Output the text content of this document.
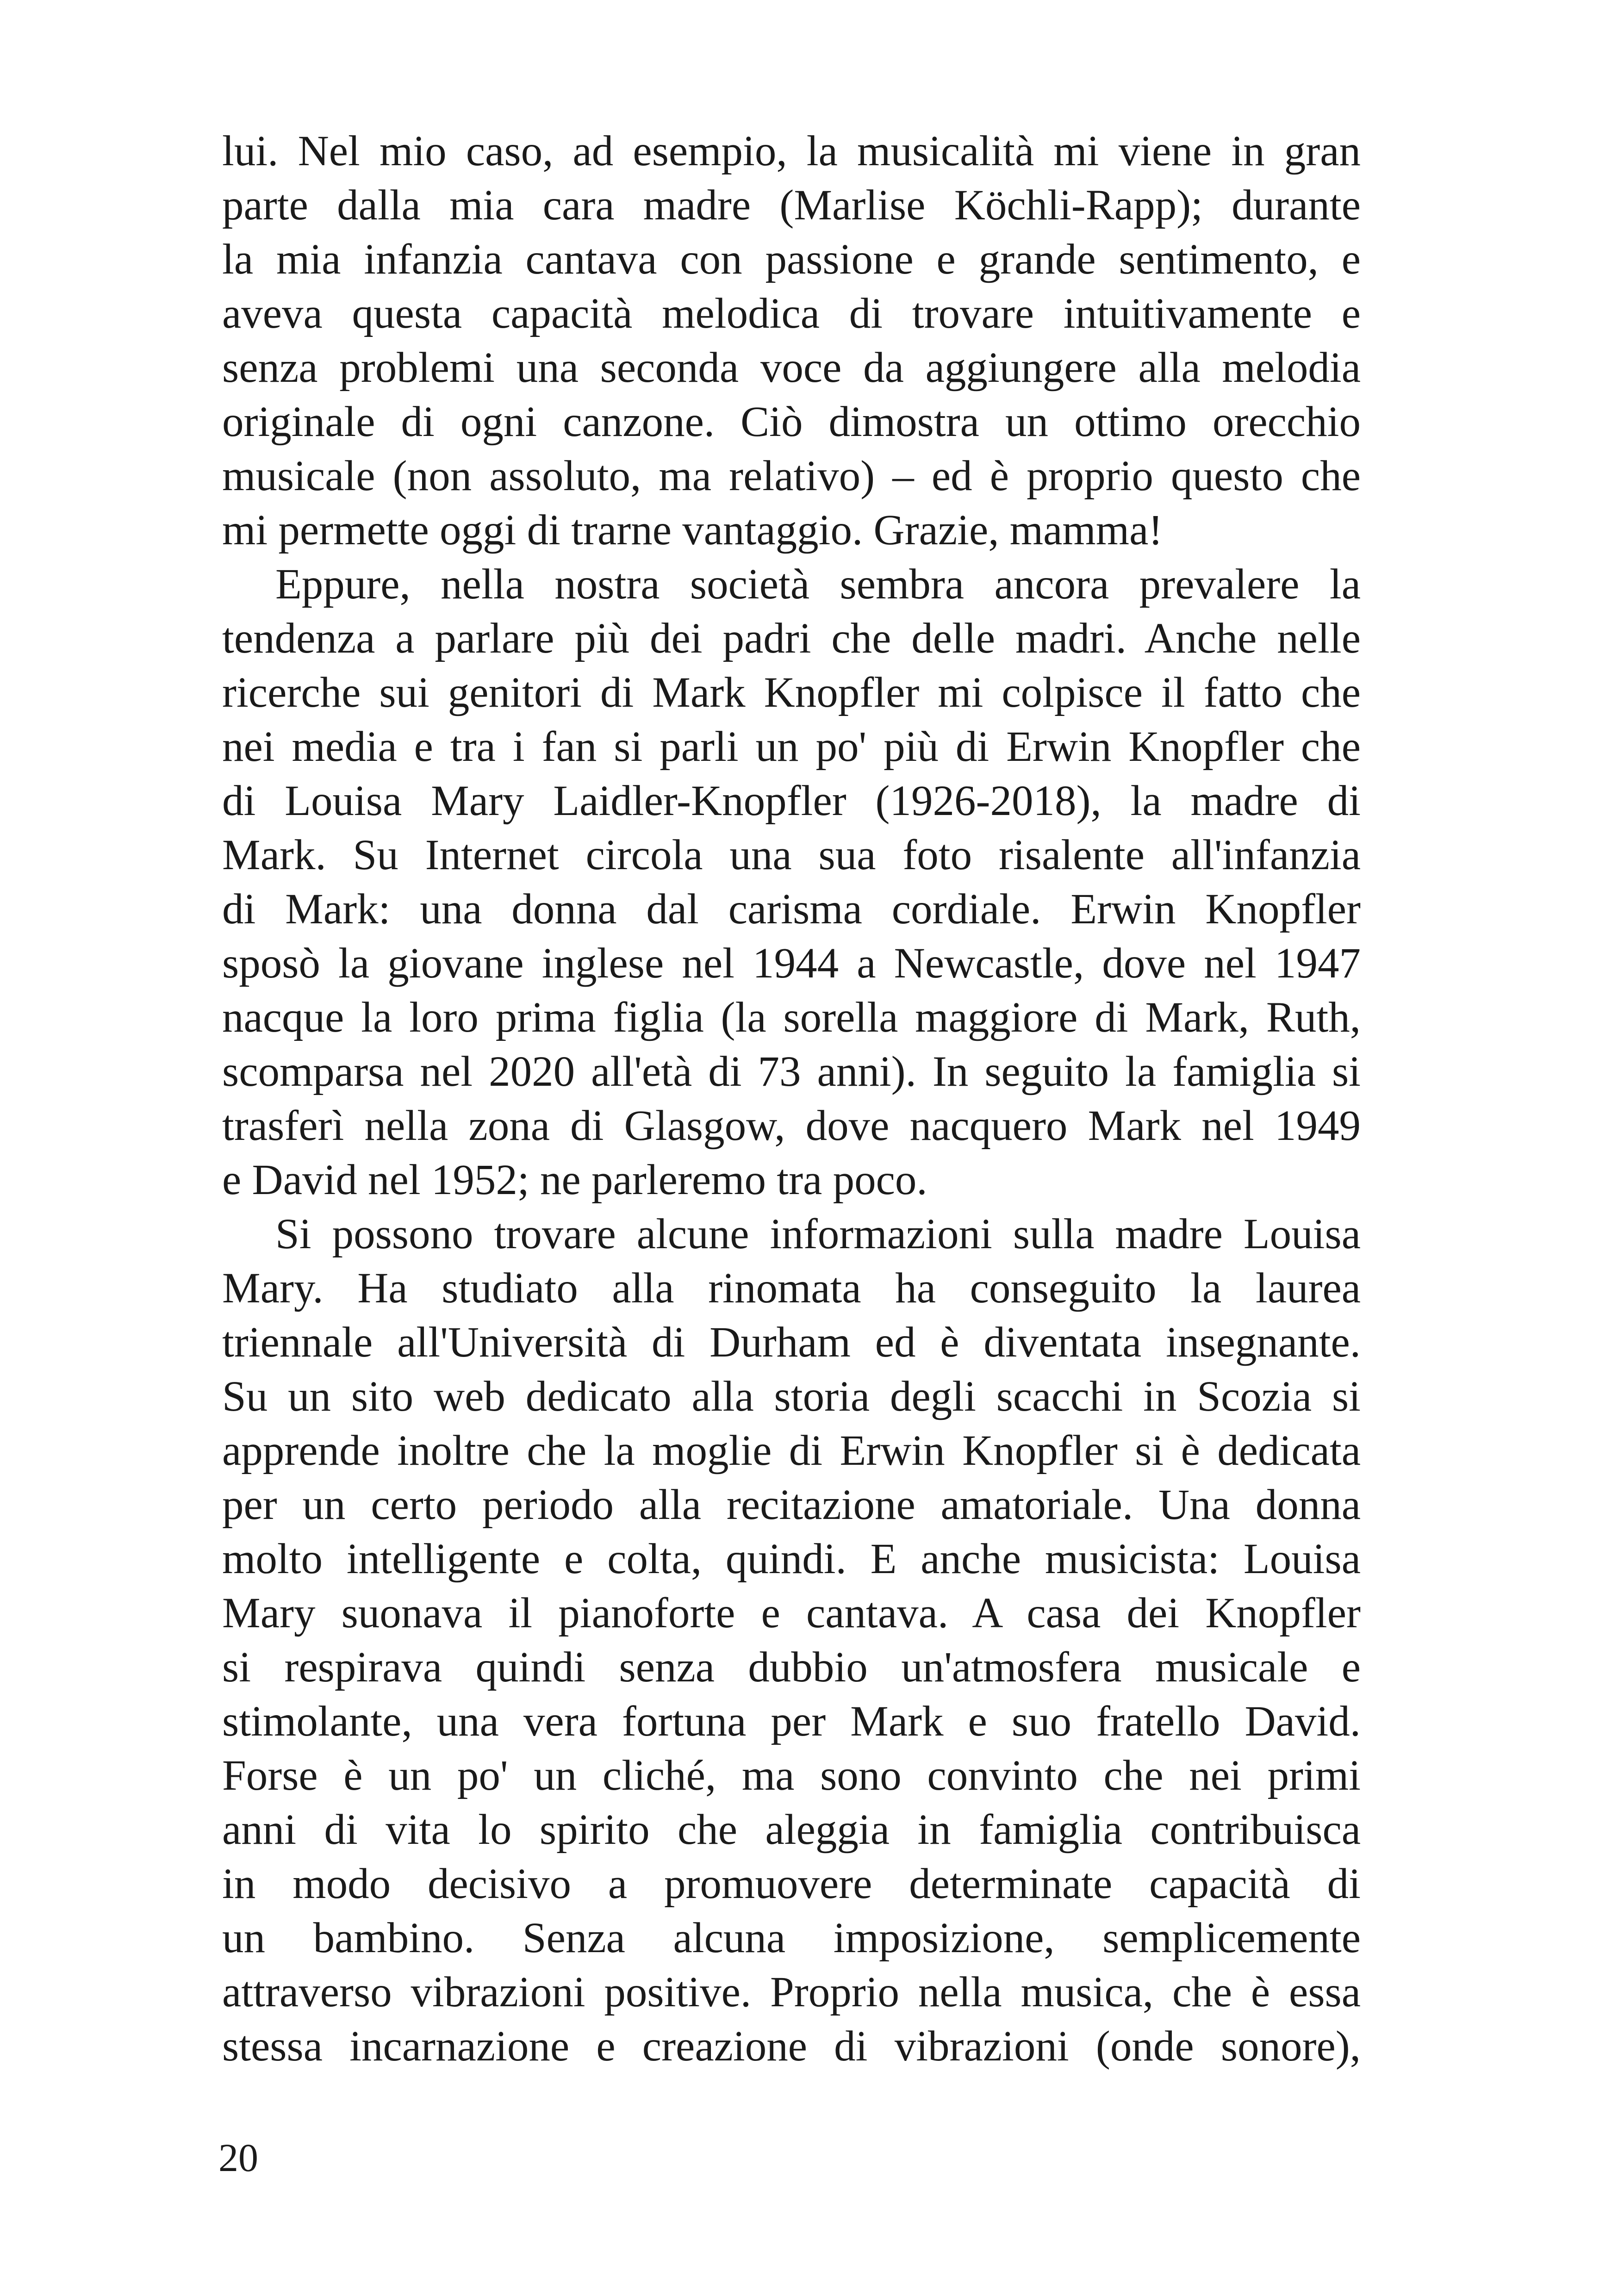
lui. Nel mio caso, ad esempio, la musicalità mi viene in gran
parte dalla mia cara madre (Marlise Köchli-Rapp); durante
la mia infanzia cantava con passione e grande sentimento, e
aveva questa capacità melodica di trovare intuitivamente e
senza problemi una seconda voce da aggiungere alla melodia
originale di ogni canzone. Ciò dimostra un ottimo orecchio
musicale (non assoluto, ma relativo) – ed è proprio questo che
mi permette oggi di trarne vantaggio. Grazie, mamma!
Eppure, nella nostra società sembra ancora prevalere la
tendenza a parlare più dei padri che delle madri. Anche nelle
ricerche sui genitori di Mark Knopfler mi colpisce il fatto che
nei media e tra i fan si parli un po' più di Erwin Knopfler che
di Louisa Mary Laidler-Knopfler (1926-2018), la madre di
Mark. Su Internet circola una sua foto risalente all'infanzia
di Mark: una donna dal carisma cordiale. Erwin Knopfler
sposò la giovane inglese nel 1944 a Newcastle, dove nel 1947
nacque la loro prima figlia (la sorella maggiore di Mark, Ruth,
scomparsa nel 2020 all'età di 73 anni). In seguito la famiglia si
trasferì nella zona di Glasgow, dove nacquero Mark nel 1949
e David nel 1952; ne parleremo tra poco.
Si possono trovare alcune informazioni sulla madre Louisa
Mary. Ha studiato alla rinomata ha conseguito la laurea
triennale all'Università di Durham ed è diventata insegnante.
Su un sito web dedicato alla storia degli scacchi in Scozia si
apprende inoltre che la moglie di Erwin Knopfler si è dedicata
per un certo periodo alla recitazione amatoriale. Una donna
molto intelligente e colta, quindi. E anche musicista: Louisa
Mary suonava il pianoforte e cantava. A casa dei Knopfler
si respirava quindi senza dubbio un'atmosfera musicale e
stimolante, una vera fortuna per Mark e suo fratello David.
Forse è un po' un cliché, ma sono convinto che nei primi
anni di vita lo spirito che aleggia in famiglia contribuisca
in modo decisivo a promuovere determinate capacità di
un bambino. Senza alcuna imposizione, semplicemente
attraverso vibrazioni positive. Proprio nella musica, che è essa
stessa incarnazione e creazione di vibrazioni (onde sonore),
20
